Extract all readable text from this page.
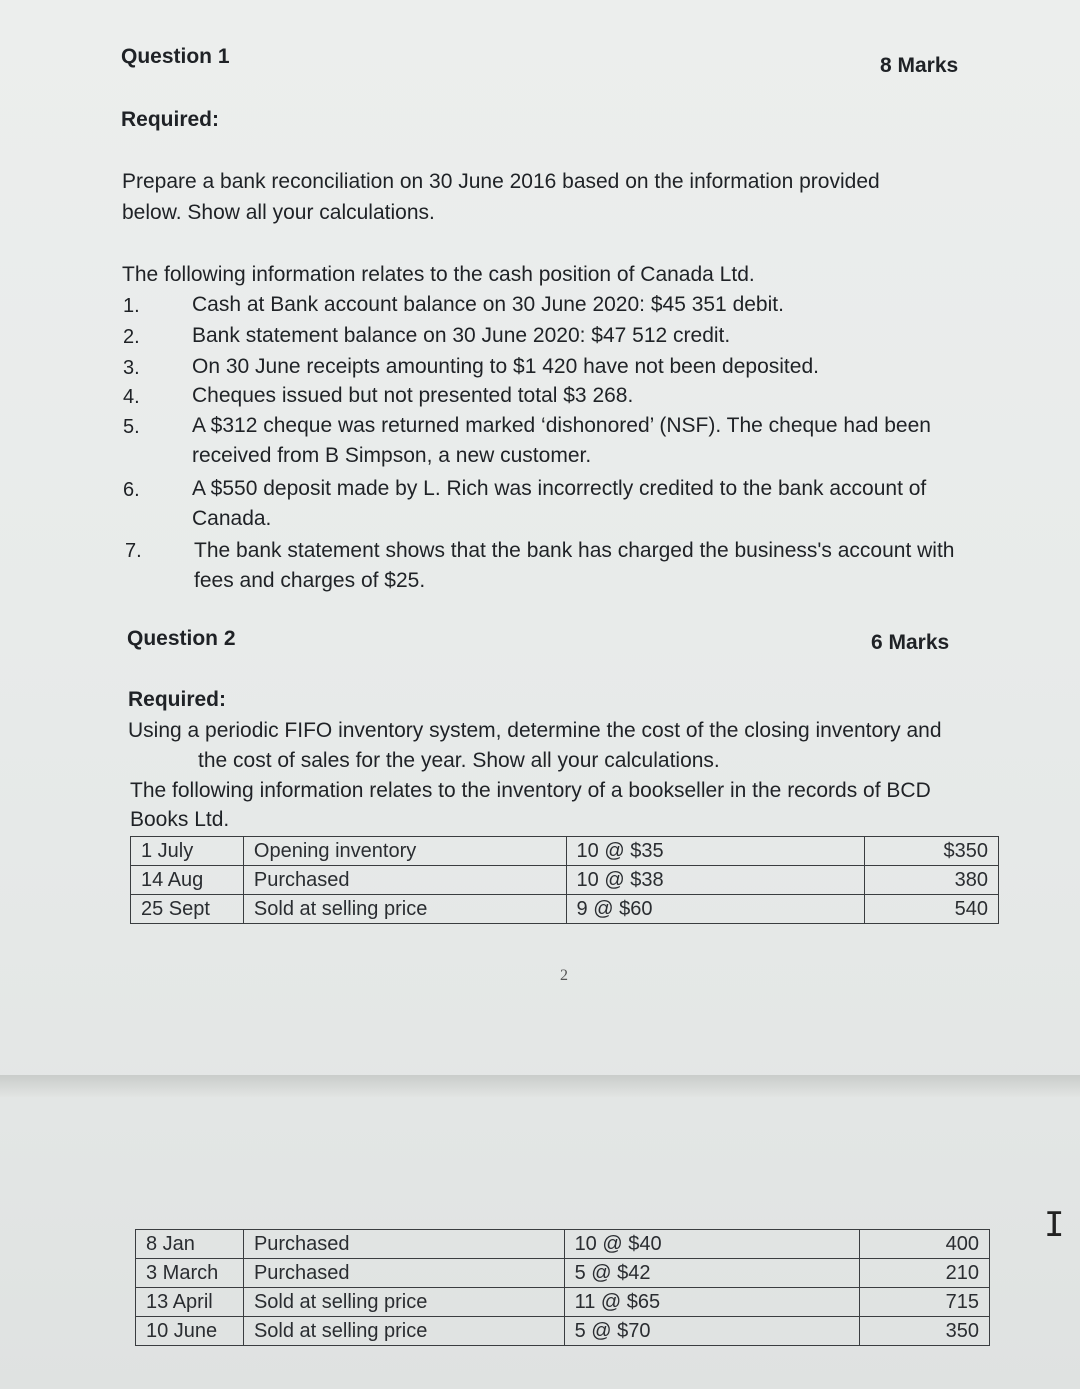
Question 1	8 Marks
Required:
Prepare a bank reconciliation on 30 June 2016 based on the information provided
below. Show all your calculations.
The following information relates to the cash position of Canada Ltd.
1. Cash at Bank account balance on 30 June 2020: $45 351 debit.
2. Bank statement balance on 30 June 2020: $47 512 credit.
3. On 30 June receipts amounting to $1 420 have not been deposited.
4. Cheques issued but not presented total $3 268.
5. A $312 cheque was returned marked ‘dishonored’ (NSF). The cheque had been received from B Simpson, a new customer.
6. A $550 deposit made by L. Rich was incorrectly credited to the bank account of Canada.
7. The bank statement shows that the bank has charged the business's account with fees and charges of $25.
Question 2	6 Marks
Required:
Using a periodic FIFO inventory system, determine the cost of the closing inventory and
the cost of sales for the year. Show all your calculations.
The following information relates to the inventory of a bookseller in the records of BCD
Books Ltd.
1 July	Opening inventory	10 @ $35	$350
14 Aug	Purchased	10 @ $38	380
25 Sept	Sold at selling price	9 @ $60	540
2
8 Jan	Purchased	10 @ $40	400
3 March	Purchased	5 @ $42	210
13 April	Sold at selling price	11 @ $65	715
10 June	Sold at selling price	5 @ $70	350
I
